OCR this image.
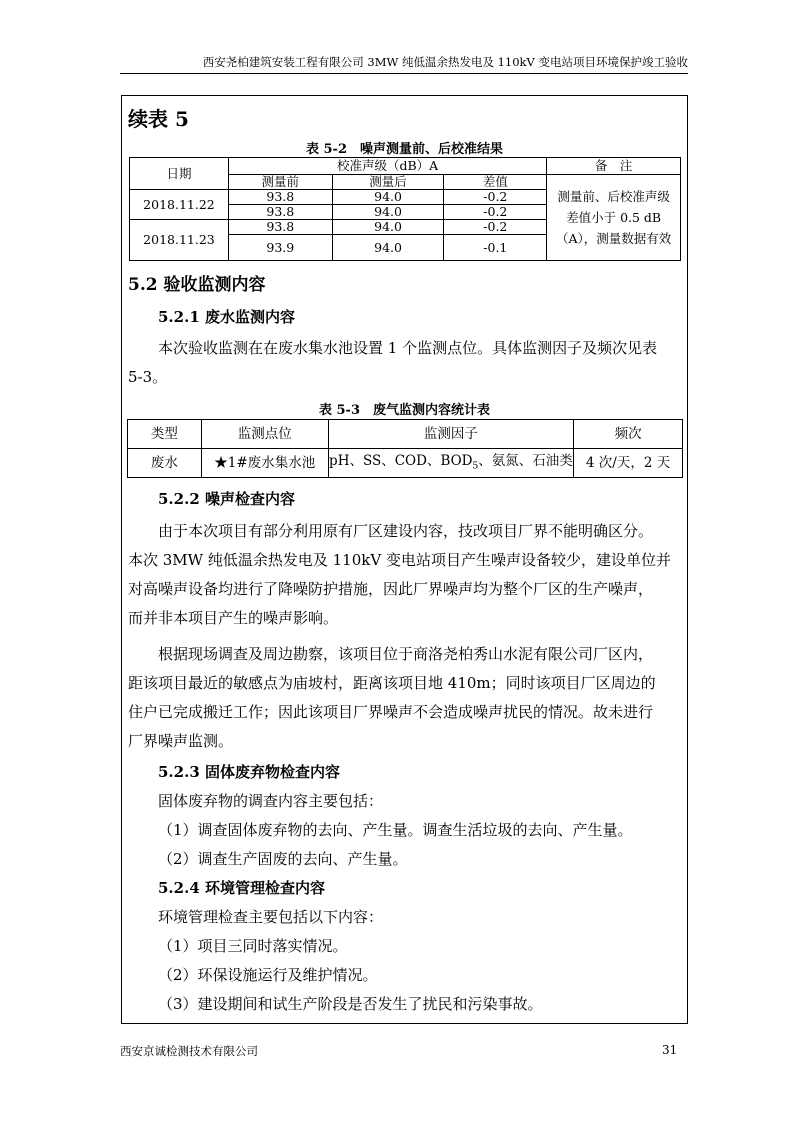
西安尧柏建筑安装工程有限公司 3MW 纯低温余热发电及 110kV 变电站项目环境保护竣工验收
续表 5
表 5-2　噪声测量前、后校准结果
日期	校准声级（dB）A			备　注
	测量前	测量后	差值	测量前、后校准声级差值小于 0.5 dB（A），测量数据有效
2018.11.22	93.8	94.0	-0.2	
	93.8	94.0	-0.2	
2018.11.23	93.8	94.0	-0.2	
	93.9	94.0	-0.1	
5.2 验收监测内容
5.2.1 废水监测内容
本次验收监测在在废水集水池设置 1 个监测点位。具体监测因子及频次见表
5-3。
表 5-3　废气监测内容统计表
类型	监测点位	监测因子	频次
废水	★1#废水集水池	pH、SS、COD、$BOD_5$、氨氮、石油类	4 次/天，2 天
5.2.2 噪声检查内容
由于本次项目有部分利用原有厂区建设内容，技改项目厂界不能明确区分。
本次 3MW 纯低温余热发电及 110kV 变电站项目产生噪声设备较少，建设单位并
对高噪声设备均进行了降噪防护措施，因此厂界噪声均为整个厂区的生产噪声，
而并非本项目产生的噪声影响。
根据现场调查及周边勘察，该项目位于商洛尧柏秀山水泥有限公司厂区内，
距该项目最近的敏感点为庙坡村，距离该项目地 410m；同时该项目厂区周边的
住户已完成搬迁工作；因此该项目厂界噪声不会造成噪声扰民的情况。故未进行
厂界噪声监测。
5.2.3 固体废弃物检查内容
固体废弃物的调查内容主要包括：
（1）调查固体废弃物的去向、产生量。调查生活垃圾的去向、产生量。
（2）调查生产固废的去向、产生量。
5.2.4 环境管理检查内容
环境管理检查主要包括以下内容：
（1）项目三同时落实情况。
（2）环保设施运行及维护情况。
（3）建设期间和试生产阶段是否发生了扰民和污染事故。
西安京诚检测技术有限公司	31
